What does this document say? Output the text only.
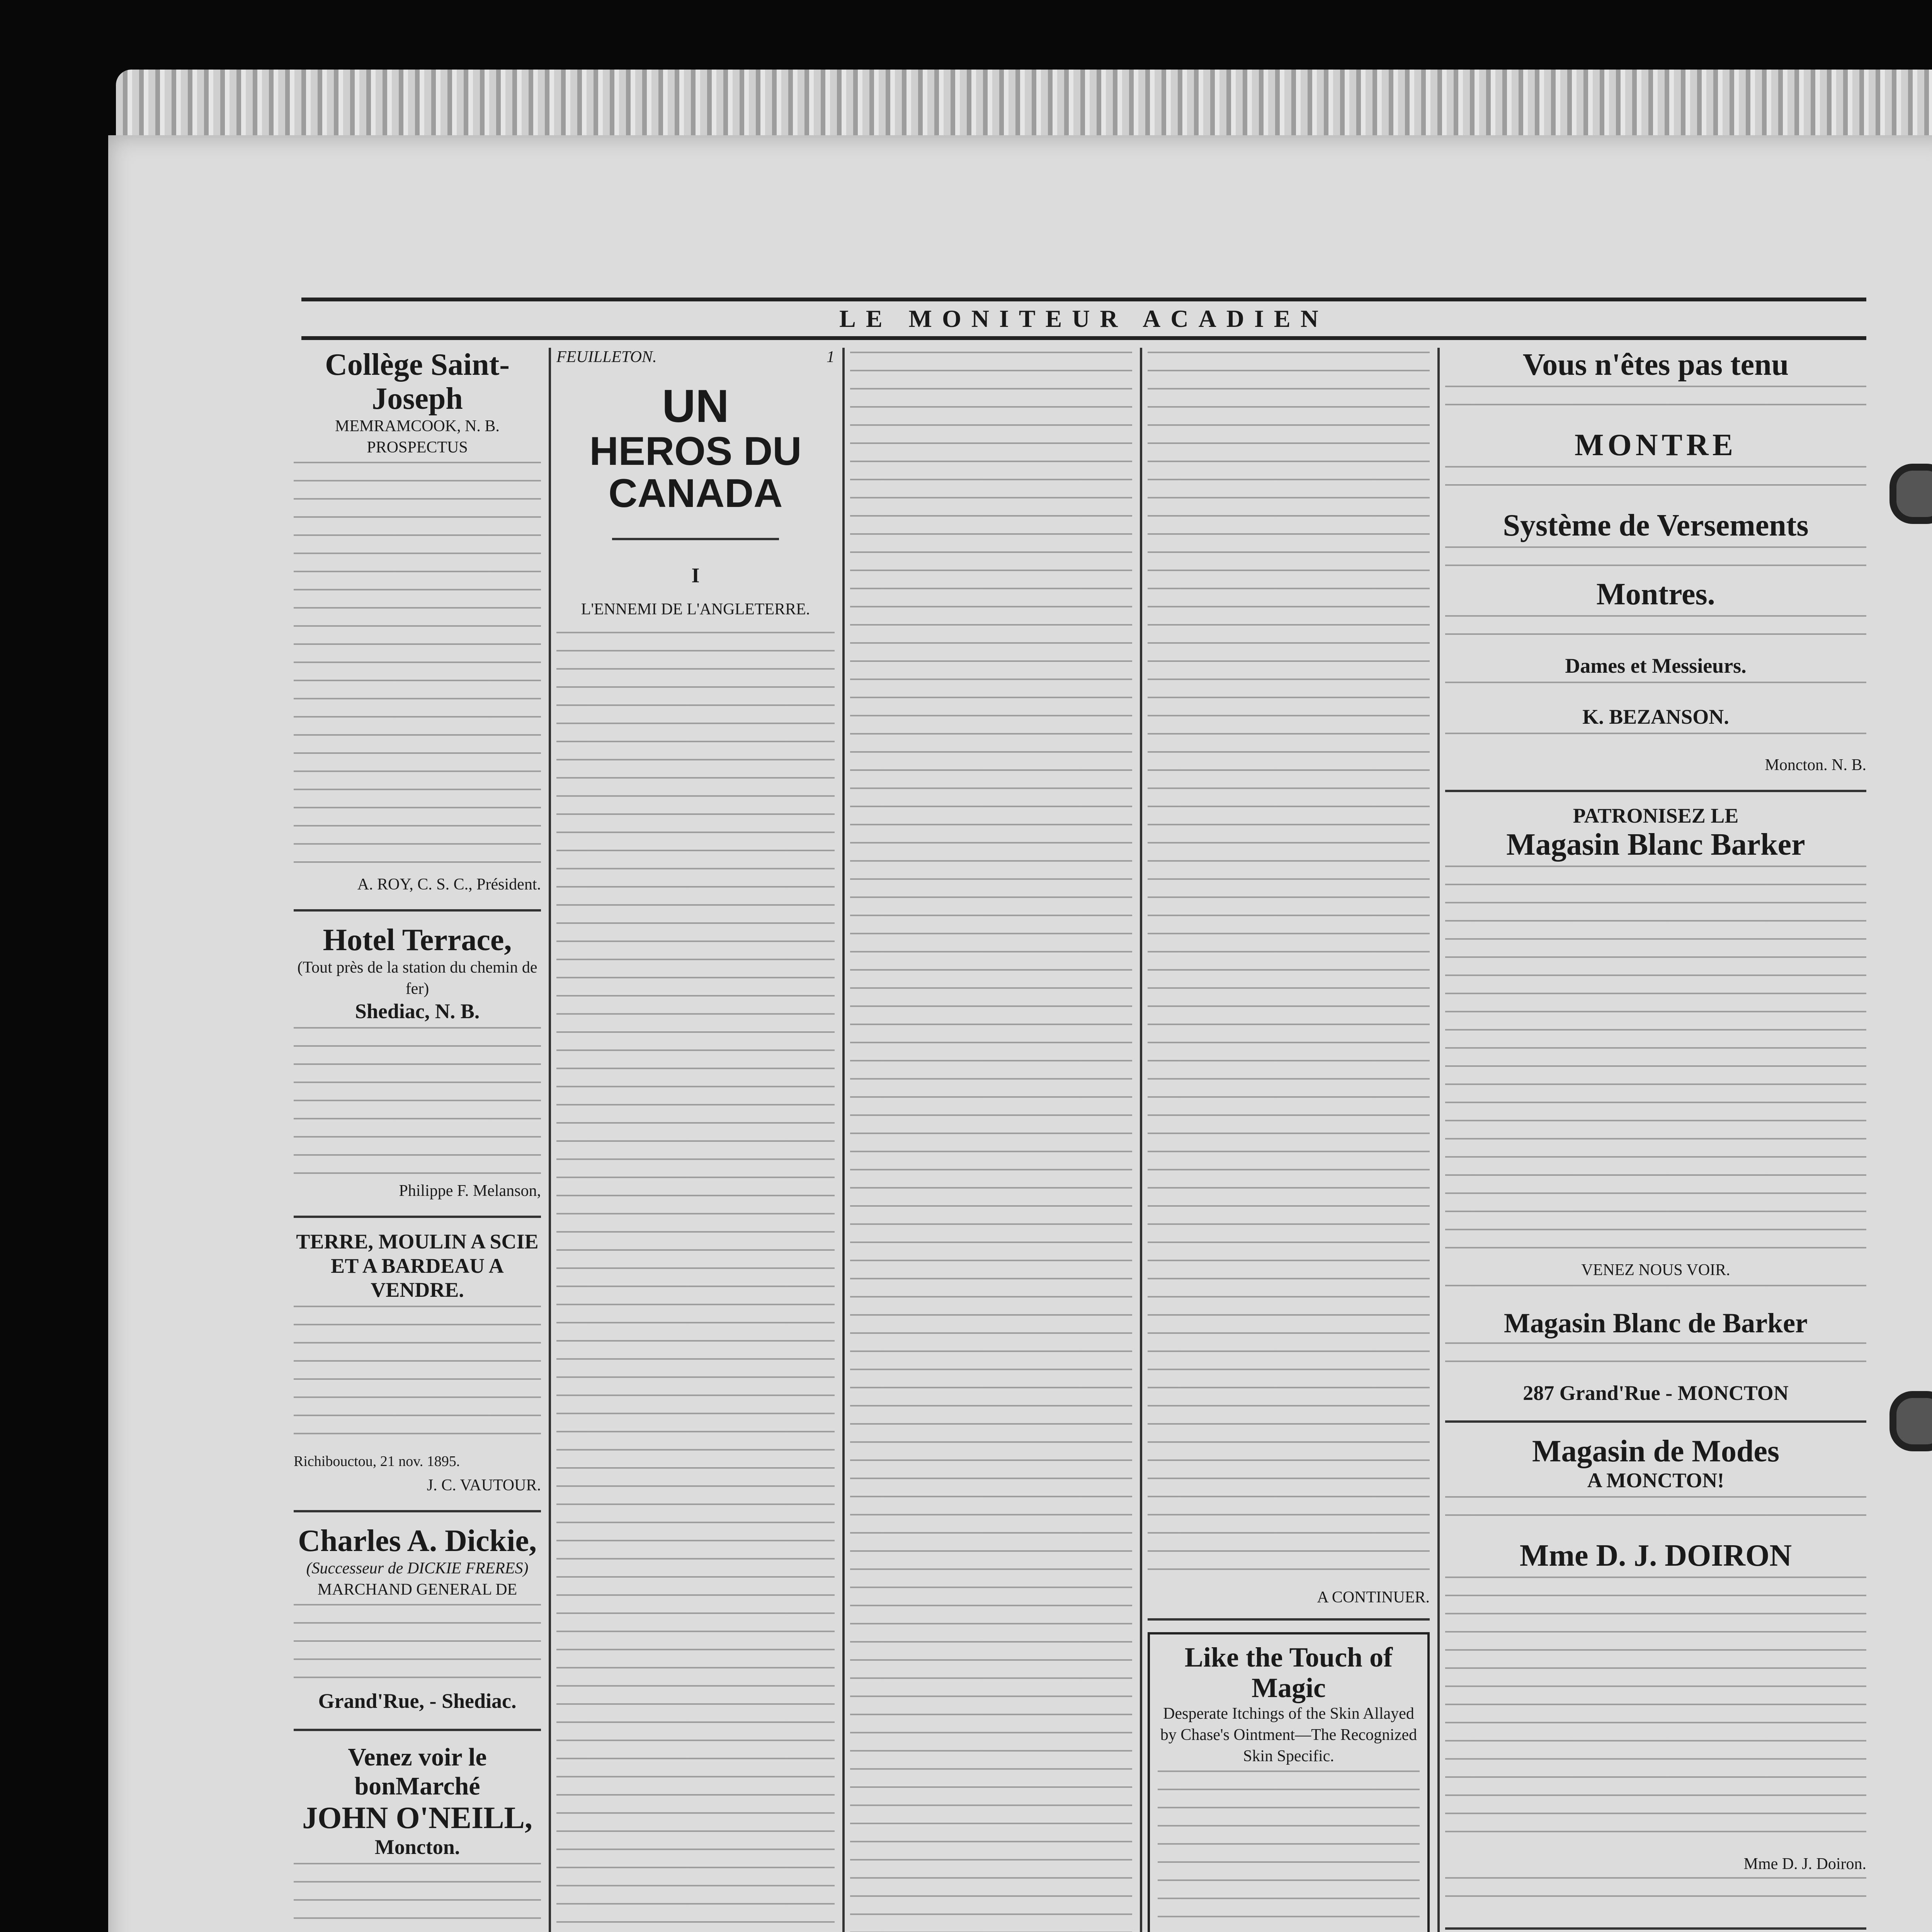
LE MONITEUR ACADIEN
Collège Saint-Joseph
MEMRAMCOOK, N. B.
PROSPECTUS
A. ROY, C. S. C., Président.
Hotel Terrace,
(Tout près de la station du chemin de fer)
Shediac, N. B.
Philippe F. Melanson,
TERRE, MOULIN A SCIE ET A BARDEAU A VENDRE.
Richibouctou, 21 nov. 1895.
J. C. VAUTOUR.
Charles A. Dickie,
(Successeur de DICKIE FRERES)
MARCHAND GENERAL DE
Grand'Rue, - Shediac.
Venez voir le bonMarché
JOHN O'NEILL,
Moncton.
FEUILLETON.	1
UN
HEROS DU CANADA
I
L'ENNEMI DE L'ANGLETERRE.
A CONTINUER.
Like the Touch of Magic
Desperate Itchings of the Skin Allayed by Chase's Ointment—The Recognized Skin Specific.
Vous n'êtes pas tenu
MONTRE
Système de Versements
Montres.
Dames et Messieurs.
K. BEZANSON.
Moncton. N. B.
PATRONISEZ LE
Magasin Blanc Barker
VENEZ NOUS VOIR.
Magasin Blanc de Barker
287 Grand'Rue - MONCTON
Magasin de Modes
A MONCTON!
Mme D. J. DOIRON
Mme D. J. Doiron.
